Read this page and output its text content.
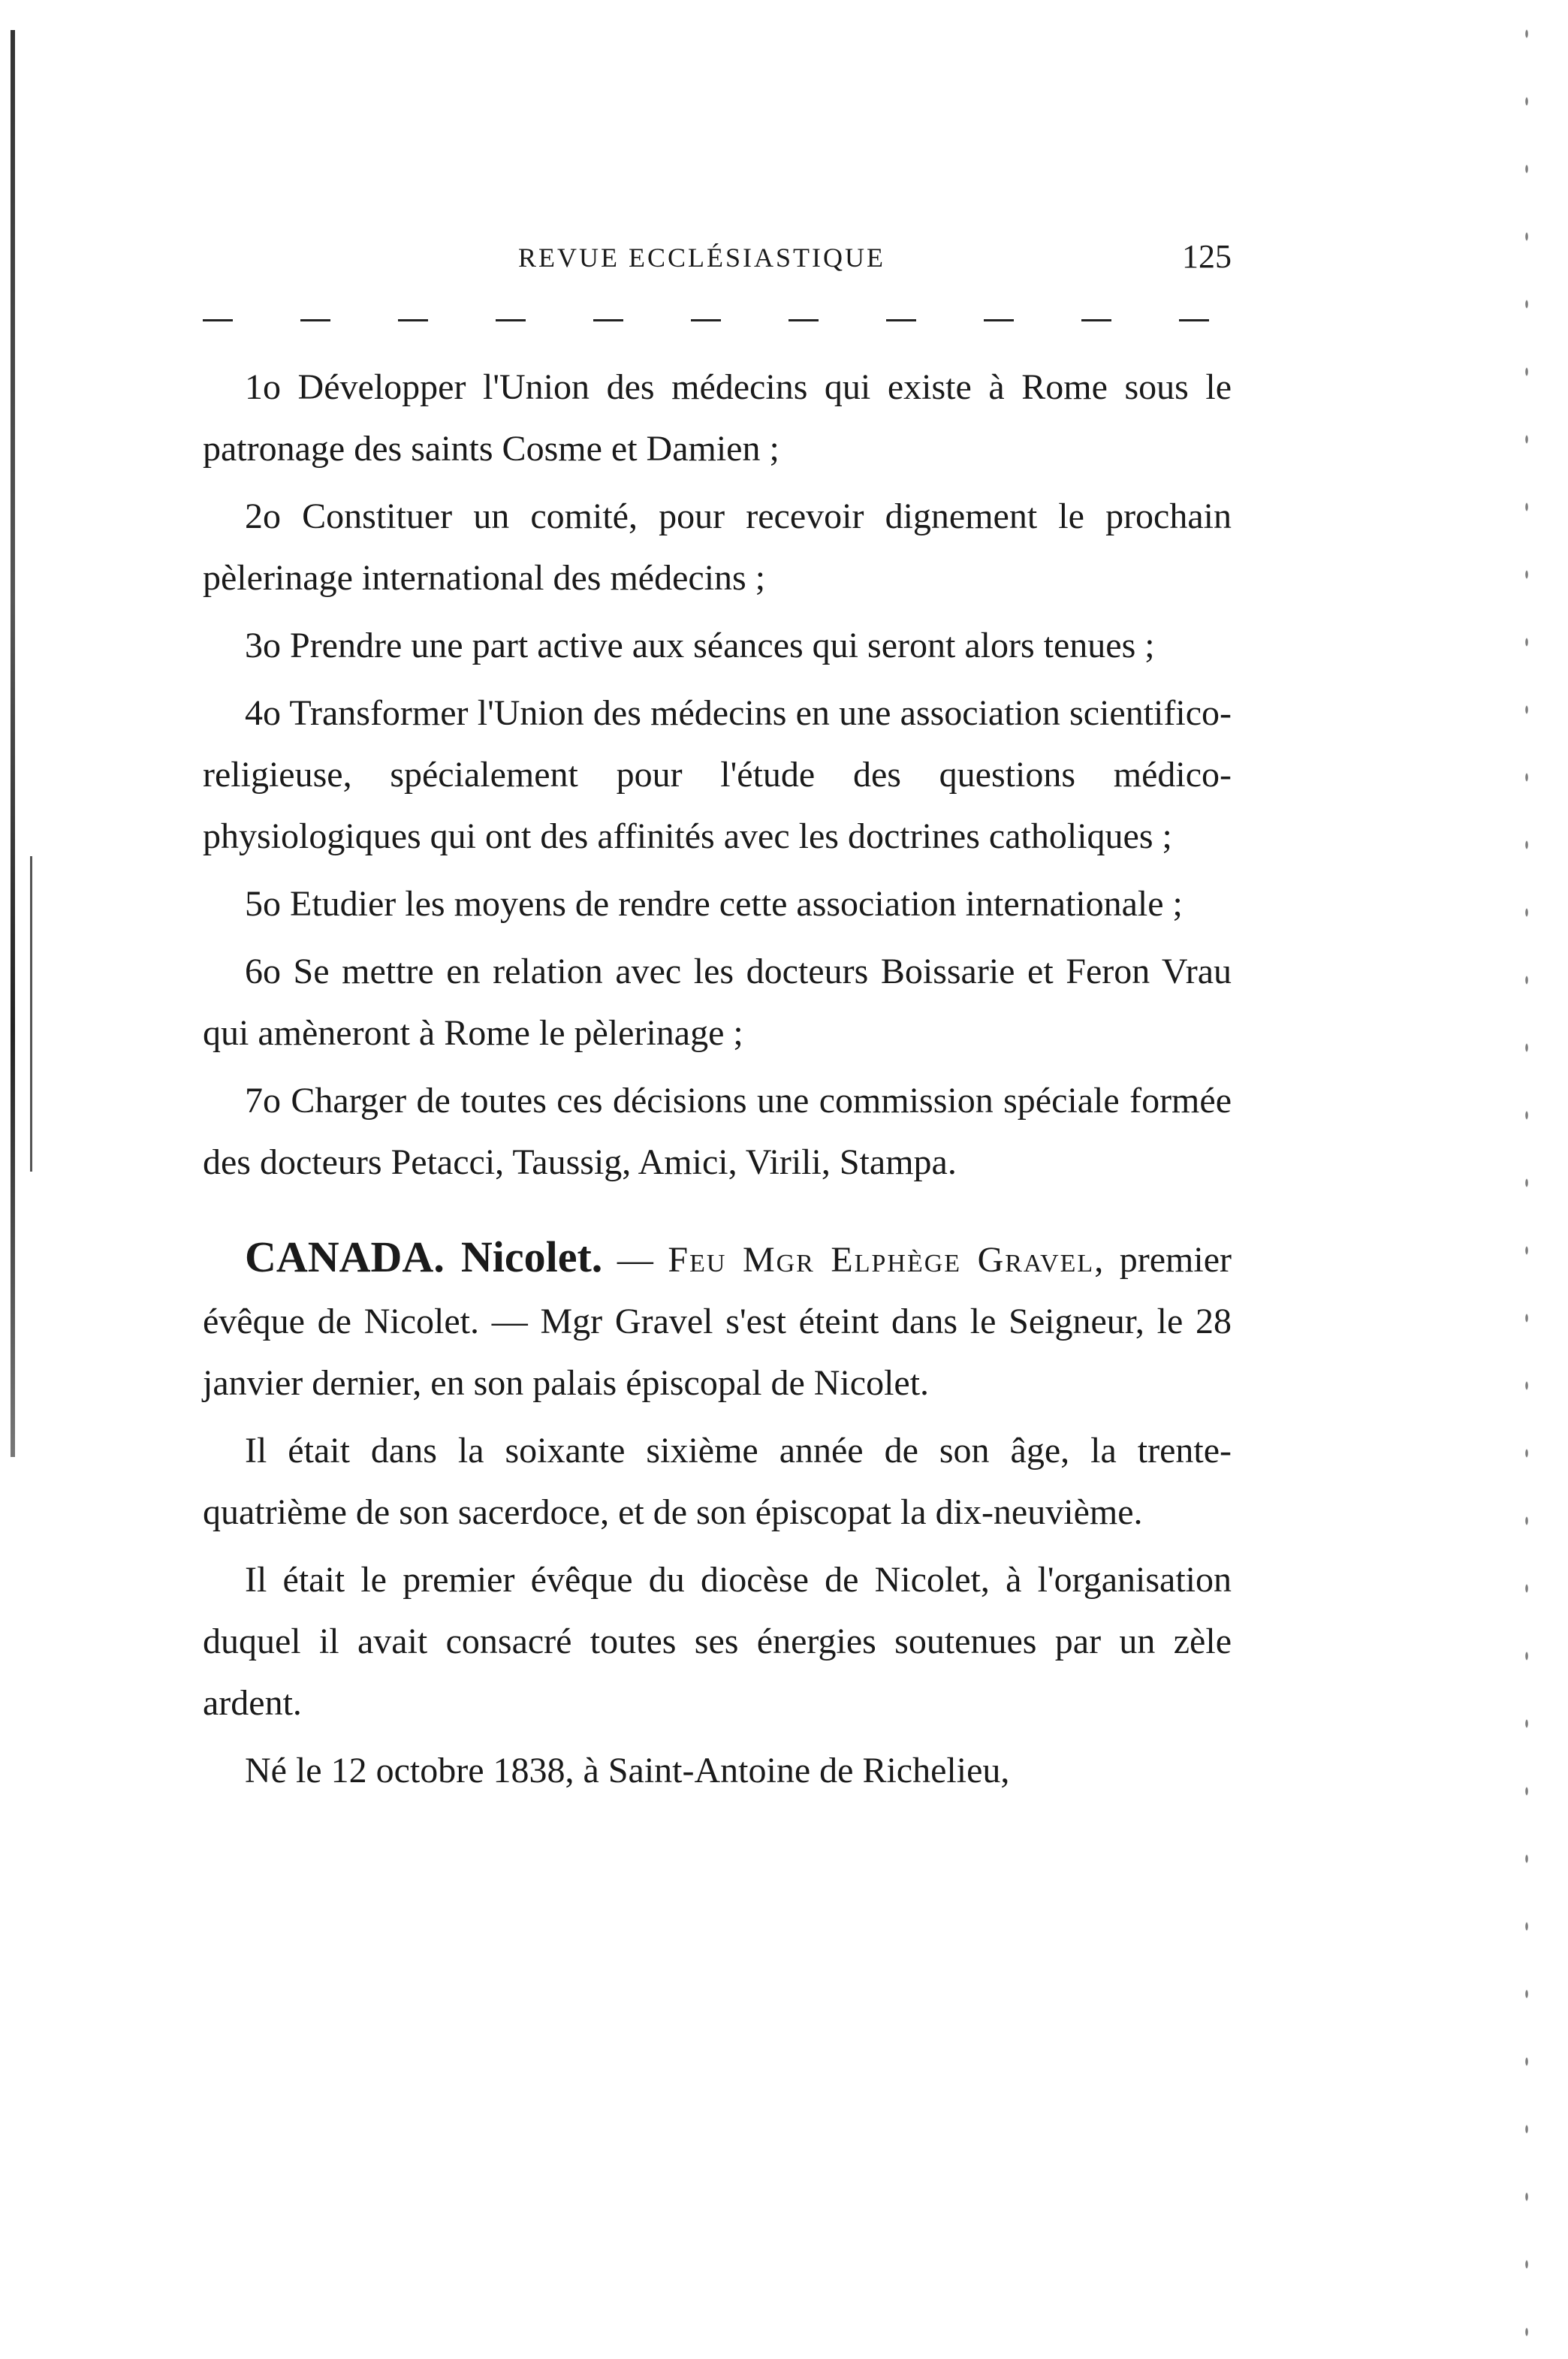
REVUE ECCLÉSIASTIQUE	125

1o Développer l'Union des médecins qui existe à Rome sous le patronage des saints Cosme et Damien ;

2o Constituer un comité, pour recevoir dignement le prochain pèlerinage international des médecins ;

3o Prendre une part active aux séances qui seront alors tenues ;

4o Transformer l'Union des médecins en une association scientifico-religieuse, spécialement pour l'étude des questions médico-physiologiques qui ont des affinités avec les doctrines catholiques ;

5o Etudier les moyens de rendre cette association internationale ;

6o Se mettre en relation avec les docteurs Boissarie et Feron Vrau qui amèneront à Rome le pèlerinage ;

7o Charger de toutes ces décisions une commission spéciale formée des docteurs Petacci, Taussig, Amici, Virili, Stampa.

CANADA. Nicolet. — Feu Mgr Elphège Gravel, premier évêque de Nicolet. — Mgr Gravel s'est éteint dans le Seigneur, le 28 janvier dernier, en son palais épiscopal de Nicolet.

Il était dans la soixante sixième année de son âge, la trente-quatrième de son sacerdoce, et de son épiscopat la dix-neuvième.

Il était le premier évêque du diocèse de Nicolet, à l'organisation duquel il avait consacré toutes ses énergies soutenues par un zèle ardent.

Né le 12 octobre 1838, à Saint-Antoine de Richelieu,
